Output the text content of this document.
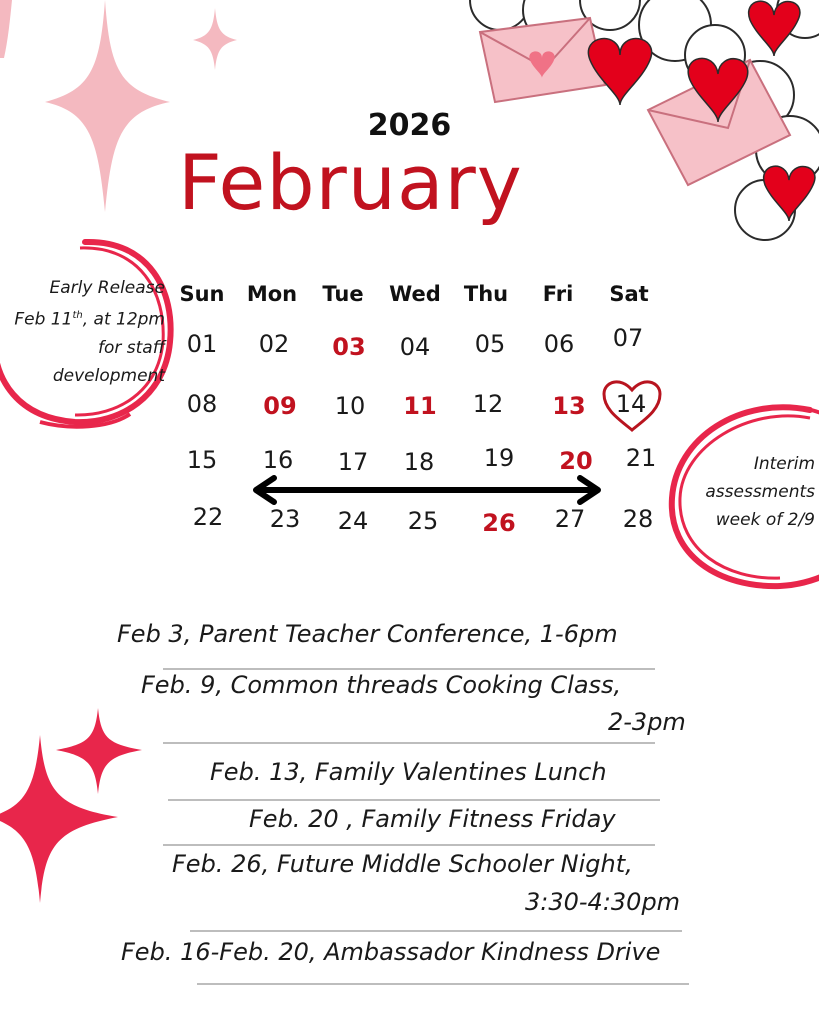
2026
February
Early Release
Feb 11th, at 12pm
for staff
development
Interim
assessments
week of 2/9
Sun	Mon	Tue	Wed	Thu	Fri	Sat
01	02	03	04	05	06	07
08	09	10	11	12	13	14
15	16	17	18	19	20	21
22	23	24	25	26	27	28
Feb 3, Parent Teacher Conference, 1-6pm
Feb. 9, Common threads Cooking Class,
2-3pm
Feb. 13, Family Valentines Lunch
Feb. 20 , Family Fitness Friday
Feb. 26, Future Middle Schooler Night,
3:30-4:30pm
Feb. 16-Feb. 20, Ambassador Kindness Drive
